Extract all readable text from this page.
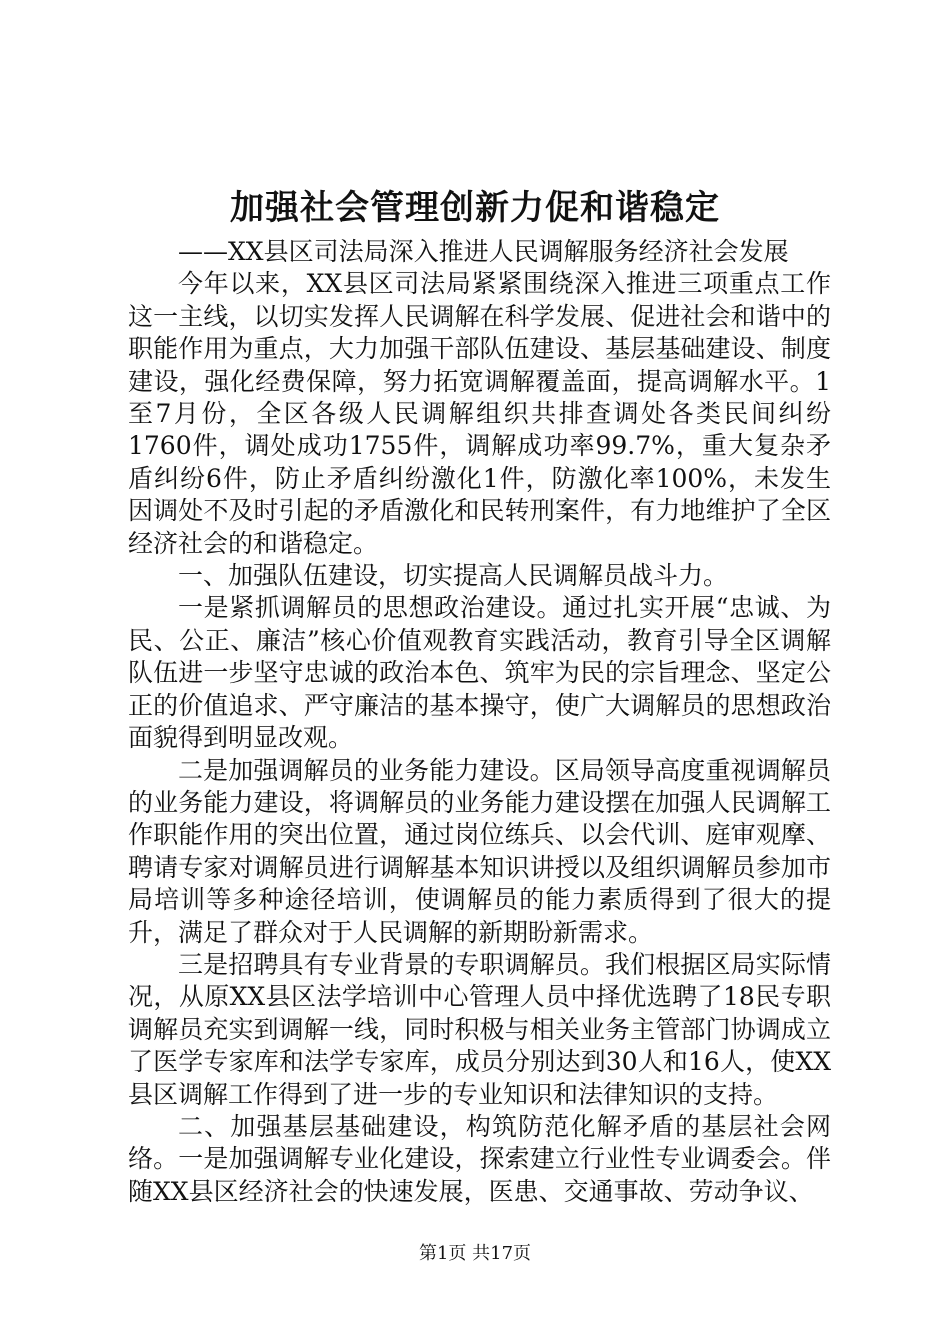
加强社会管理创新力促和谐稳定

——XX县区司法局深入推进人民调解服务经济社会发展

今年以来，XX县区司法局紧紧围绕深入推进三项重点工作这一主线，以切实发挥人民调解在科学发展、促进社会和谐中的职能作用为重点，大力加强干部队伍建设、基层基础建设、制度建设，强化经费保障，努力拓宽调解覆盖面，提高调解水平。1至7月份，全区各级人民调解组织共排查调处各类民间纠纷1760件，调处成功1755件，调解成功率99.7%，重大复杂矛盾纠纷6件，防止矛盾纠纷激化1件，防激化率100%，未发生因调处不及时引起的矛盾激化和民转刑案件，有力地维护了全区经济社会的和谐稳定。

一、加强队伍建设，切实提高人民调解员战斗力。

一是紧抓调解员的思想政治建设。通过扎实开展“忠诚、为民、公正、廉洁”核心价值观教育实践活动，教育引导全区调解队伍进一步坚守忠诚的政治本色、筑牢为民的宗旨理念、坚定公正的价值追求、严守廉洁的基本操守，使广大调解员的思想政治面貌得到明显改观。

二是加强调解员的业务能力建设。区局领导高度重视调解员的业务能力建设，将调解员的业务能力建设摆在加强人民调解工作职能作用的突出位置，通过岗位练兵、以会代训、庭审观摩、聘请专家对调解员进行调解基本知识讲授以及组织调解员参加市局培训等多种途径培训，使调解员的能力素质得到了很大的提升，满足了群众对于人民调解的新期盼新需求。

三是招聘具有专业背景的专职调解员。我们根据区局实际情况，从原XX县区法学培训中心管理人员中择优选聘了18民专职调解员充实到调解一线，同时积极与相关业务主管部门协调成立了医学专家库和法学专家库，成员分别达到30人和16人，使XX县区调解工作得到了进一步的专业知识和法律知识的支持。

二、加强基层基础建设，构筑防范化解矛盾的基层社会网络。一是加强调解专业化建设，探索建立行业性专业调委会。伴随XX县区经济社会的快速发展，医患、交通事故、劳动争议、

第1页 共17页
